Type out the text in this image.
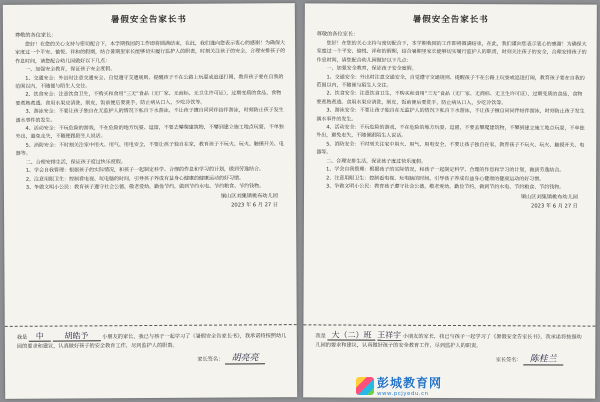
暑假安全告家长书
尊敬的各位家长：

您好！在您的关心支持与密切配合下，本学期我园的工作即将圆满结束，在此，我们谨向您表示衷心的感谢！为确保大家度过一个平安、愉悦、祥和的假期，结合暑期里家长能够切实履行监护人的职责，时刻关注孩子的安全，合理安排孩子的作息时间，请您配合幼儿园做好以下几点：

一、加强安全教育，保证孩子安全度假。

1、交通安全：外出时注意交通安全，自觉遵守交通规则、提醒孩子不在公路上玩耍或追逐打闹，教育孩子要在自我的范围以内，不随便与陌生人交往。

2、饮食安全：注意饮食卫生，不购买和食用“三无”食品（无厂家、无商标、无卫生许可证），过期变质的食品，食物要煮熟煮透。食用水果应清洗，削皮，饭前便后要洗手，防止病从口入，少吃冷饮等。

3、游泳安全：不要让孩子独自在无监护人的情况下私自下水游泳，不让孩子擅自同同伴结伴游泳，时刻防止孩子发生溺水事件的发生。

4、活动安全：不玩危险的游戏，不在危险的地方玩耍、逗留，不要去攀爬建筑物，不攀到建立施工地点玩耍，不单独外出，避免走失，不随便跟陌生人说话。

5、消防安全：不时刻关注家中用火、用气、用电安全，不要让孩子独自在家，教育孩子不玩火、玩火、触摸开关、电器等。

二、合理安排生活，保证孩子度过快乐度假。

1、学会自我管理：根据孩子的实际情况，和孩子一起制定科学、合理的作息和学习的计划，做到劳逸结合。

2、注意用眼卫生：控制看电视、玩电脑的时间，引导孩子养成有益身心健康的健康运动的好习惯。

3、争做文明小公民：教育孩子遵守社会公德，敬老爱幼，勤俭节约，做到节约水电、节约粮食、节约钱物。

铜山区刘集镇桃布幼儿园
2023 年 6 月 27 日
我是 中	胡皓予	小朋友的家长，我已与孩子一起学习了《暑假安全告家长书》，我承诺将按照幼儿园的要求和建议，认真做好孩子的安全教育工作，尽到监护人的职责。
家长签名： 胡亮亮
暑假安全告家长书
尊敬的各位家长：

您好！在您的关心支持与密切配合下，本学期我园的工作即将圆满结束，在此，我们谨向您表示衷心的感谢！为确保大家度过一个平安、愉悦、祥和的假期，结合暑期里家长能够切实履行监护人的职责，时刻关注孩子的安全，合理安排孩子的作息时间，请您配合幼儿园做好以下几点：

一、加强安全教育，保证孩子安全度假。

1、交通安全：外出时注意交通安全，自觉遵守交通规则、提醒孩子不在公路上玩耍或追逐打闹，教育孩子要在自我的范围以内，不随便与陌生人交往。

2、饮食安全：注意饮食卫生，不购买和食用“三无”食品（无厂家、无商标、无卫生许可证），过期变质的食品，食物要煮熟煮透。食用水果应清洗，削皮，饭前便后要洗手，防止病从口入，少吃冷饮等。

3、游泳安全：不要让孩子独自在无监护人的情况下私自下水游泳，不让孩子擅自同同伴结伴游泳，时刻防止孩子发生溺水事件的发生。

4、活动安全：不玩危险的游戏，不在危险的地方玩耍、逗留，不要去攀爬建筑物，不攀到建立施工地点玩耍，不单独外出，避免走失，不随便跟陌生人说话。

5、消防安全：不时刻关注家中用火、用气、用电安全，不要让孩子独自在家，教育孩子不玩火、玩火、触摸开关、电器等。

二、合理安排生活，保证孩子度过快乐度假。

1、学会自我管理：根据孩子的实际情况，和孩子一起制定科学、合理的作息和学习的计划，做到劳逸结合。

2、注意用眼卫生：控制看电视、玩电脑的时间，引导孩子养成有益身心健康的健康运动的好习惯。

3、争做文明小公民：教育孩子遵守社会公德，敬老爱幼，勤俭节约，做到节约水电、节约粮食、节约钱物。

铜山区刘集镇桃布幼儿园
2023 年 6 月 27 日
我是 大（二）班 王祥宇 小朋友的家长，我已与孩子一起学习了《暑假安全告家长书》，我承诺将按照幼儿园的要求和建议，认真做好孩子的安全教育工作，尽到监护人的职责。
家长签名： 陈桂兰
彭城教育网
www.pcjyedu.cn
